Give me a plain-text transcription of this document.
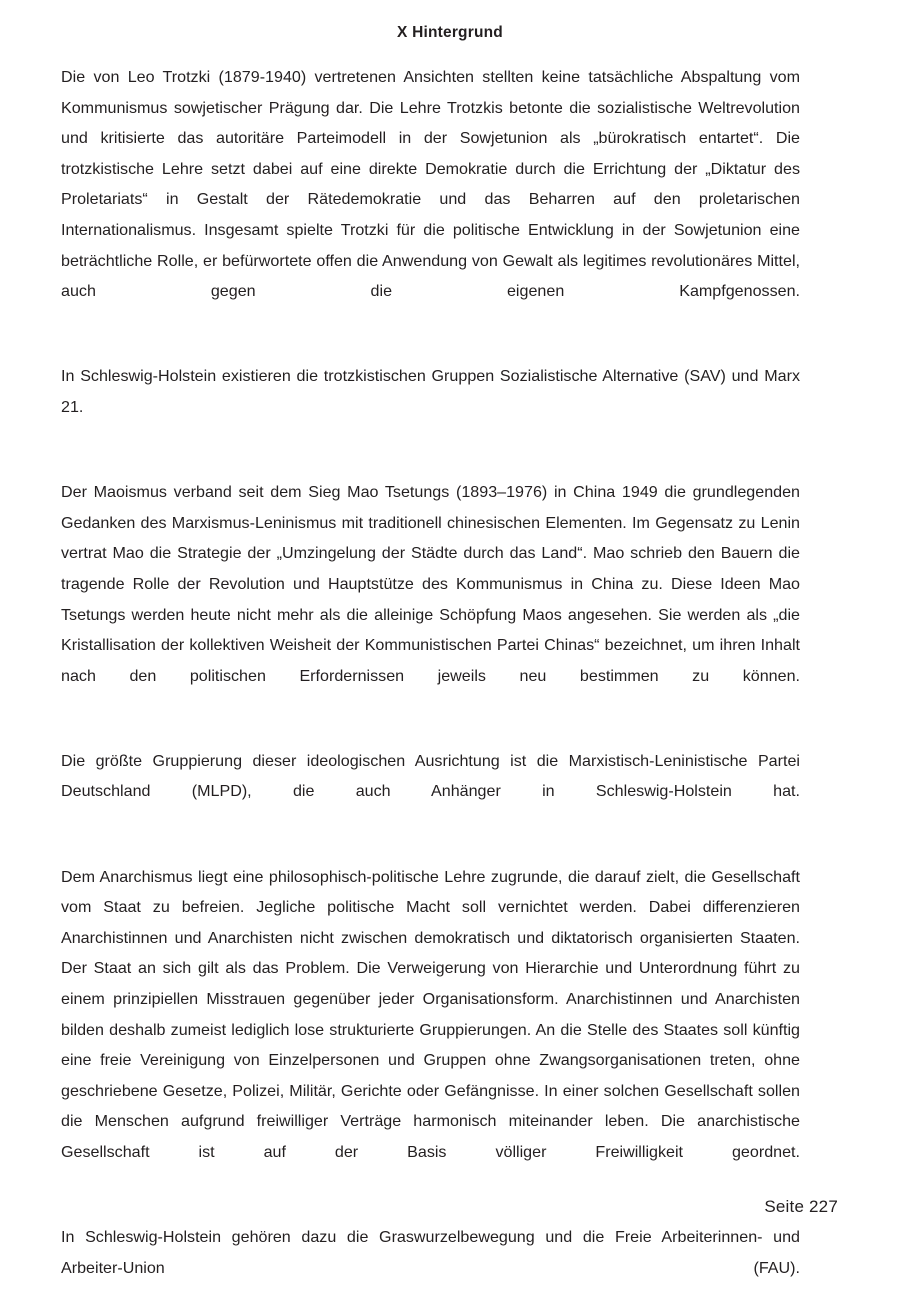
X Hintergrund

Die von Leo Trotzki (1879-1940) vertretenen Ansichten stellten keine tatsächliche Abspaltung vom Kommunismus sowjetischer Prägung dar. Die Lehre Trotzkis betonte die sozialistische Weltrevolution und kritisierte das autoritäre Parteimodell in der Sowjetunion als „bürokratisch entartet“. Die trotzkistische Lehre setzt dabei auf eine direkte Demokratie durch die Errichtung der „Diktatur des Proletariats“ in Gestalt der Rätedemokratie und das Beharren auf den proletarischen Internationalismus. Insgesamt spielte Trotzki für die politische Entwicklung in der Sowjetunion eine beträchtliche Rolle, er befürwortete offen die Anwendung von Gewalt als legitimes revolutionäres Mittel, auch gegen die eigenen Kampfgenossen.

In Schleswig-Holstein existieren die trotzkistischen Gruppen Sozialistische Alternative (SAV) und Marx 21.

Der Maoismus verband seit dem Sieg Mao Tsetungs (1893–1976) in China 1949 die grundlegenden Gedanken des Marxismus-Leninismus mit traditionell chinesischen Elementen. Im Gegensatz zu Lenin vertrat Mao die Strategie der „Umzingelung der Städte durch das Land“. Mao schrieb den Bauern die tragende Rolle der Revolution und Hauptstütze des Kommunismus in China zu. Diese Ideen Mao Tsetungs werden heute nicht mehr als die alleinige Schöpfung Maos angesehen. Sie werden als „die Kristallisation der kollektiven Weisheit der Kommunistischen Partei Chinas“ bezeichnet, um ihren Inhalt nach den politischen Erfordernissen jeweils neu bestimmen zu können.

Die größte Gruppierung dieser ideologischen Ausrichtung ist die Marxistisch-Leninistische Partei Deutschland (MLPD), die auch Anhänger in Schleswig-Holstein hat.

Dem Anarchismus liegt eine philosophisch-politische Lehre zugrunde, die darauf zielt, die Gesellschaft vom Staat zu befreien. Jegliche politische Macht soll vernichtet werden. Dabei differenzieren Anarchistinnen und Anarchisten nicht zwischen demokratisch und diktatorisch organisierten Staaten. Der Staat an sich gilt als das Problem. Die Verweigerung von Hierarchie und Unterordnung führt zu einem prinzipiellen Misstrauen gegenüber jeder Organisationsform. Anarchistinnen und Anarchisten bilden deshalb zumeist lediglich lose strukturierte Gruppierungen. An die Stelle des Staates soll künftig eine freie Vereinigung von Einzelpersonen und Gruppen ohne Zwangsorganisationen treten, ohne geschriebene Gesetze, Polizei, Militär, Gerichte oder Gefängnisse. In einer solchen Gesellschaft sollen die Menschen aufgrund freiwilliger Verträge harmonisch miteinander leben. Die anarchistische Gesellschaft ist auf der Basis völliger Freiwilligkeit geordnet.

In Schleswig-Holstein gehören dazu die Graswurzelbewegung und die Freie Arbeiterinnen- und Arbeiter-Union (FAU).

Seite 227
